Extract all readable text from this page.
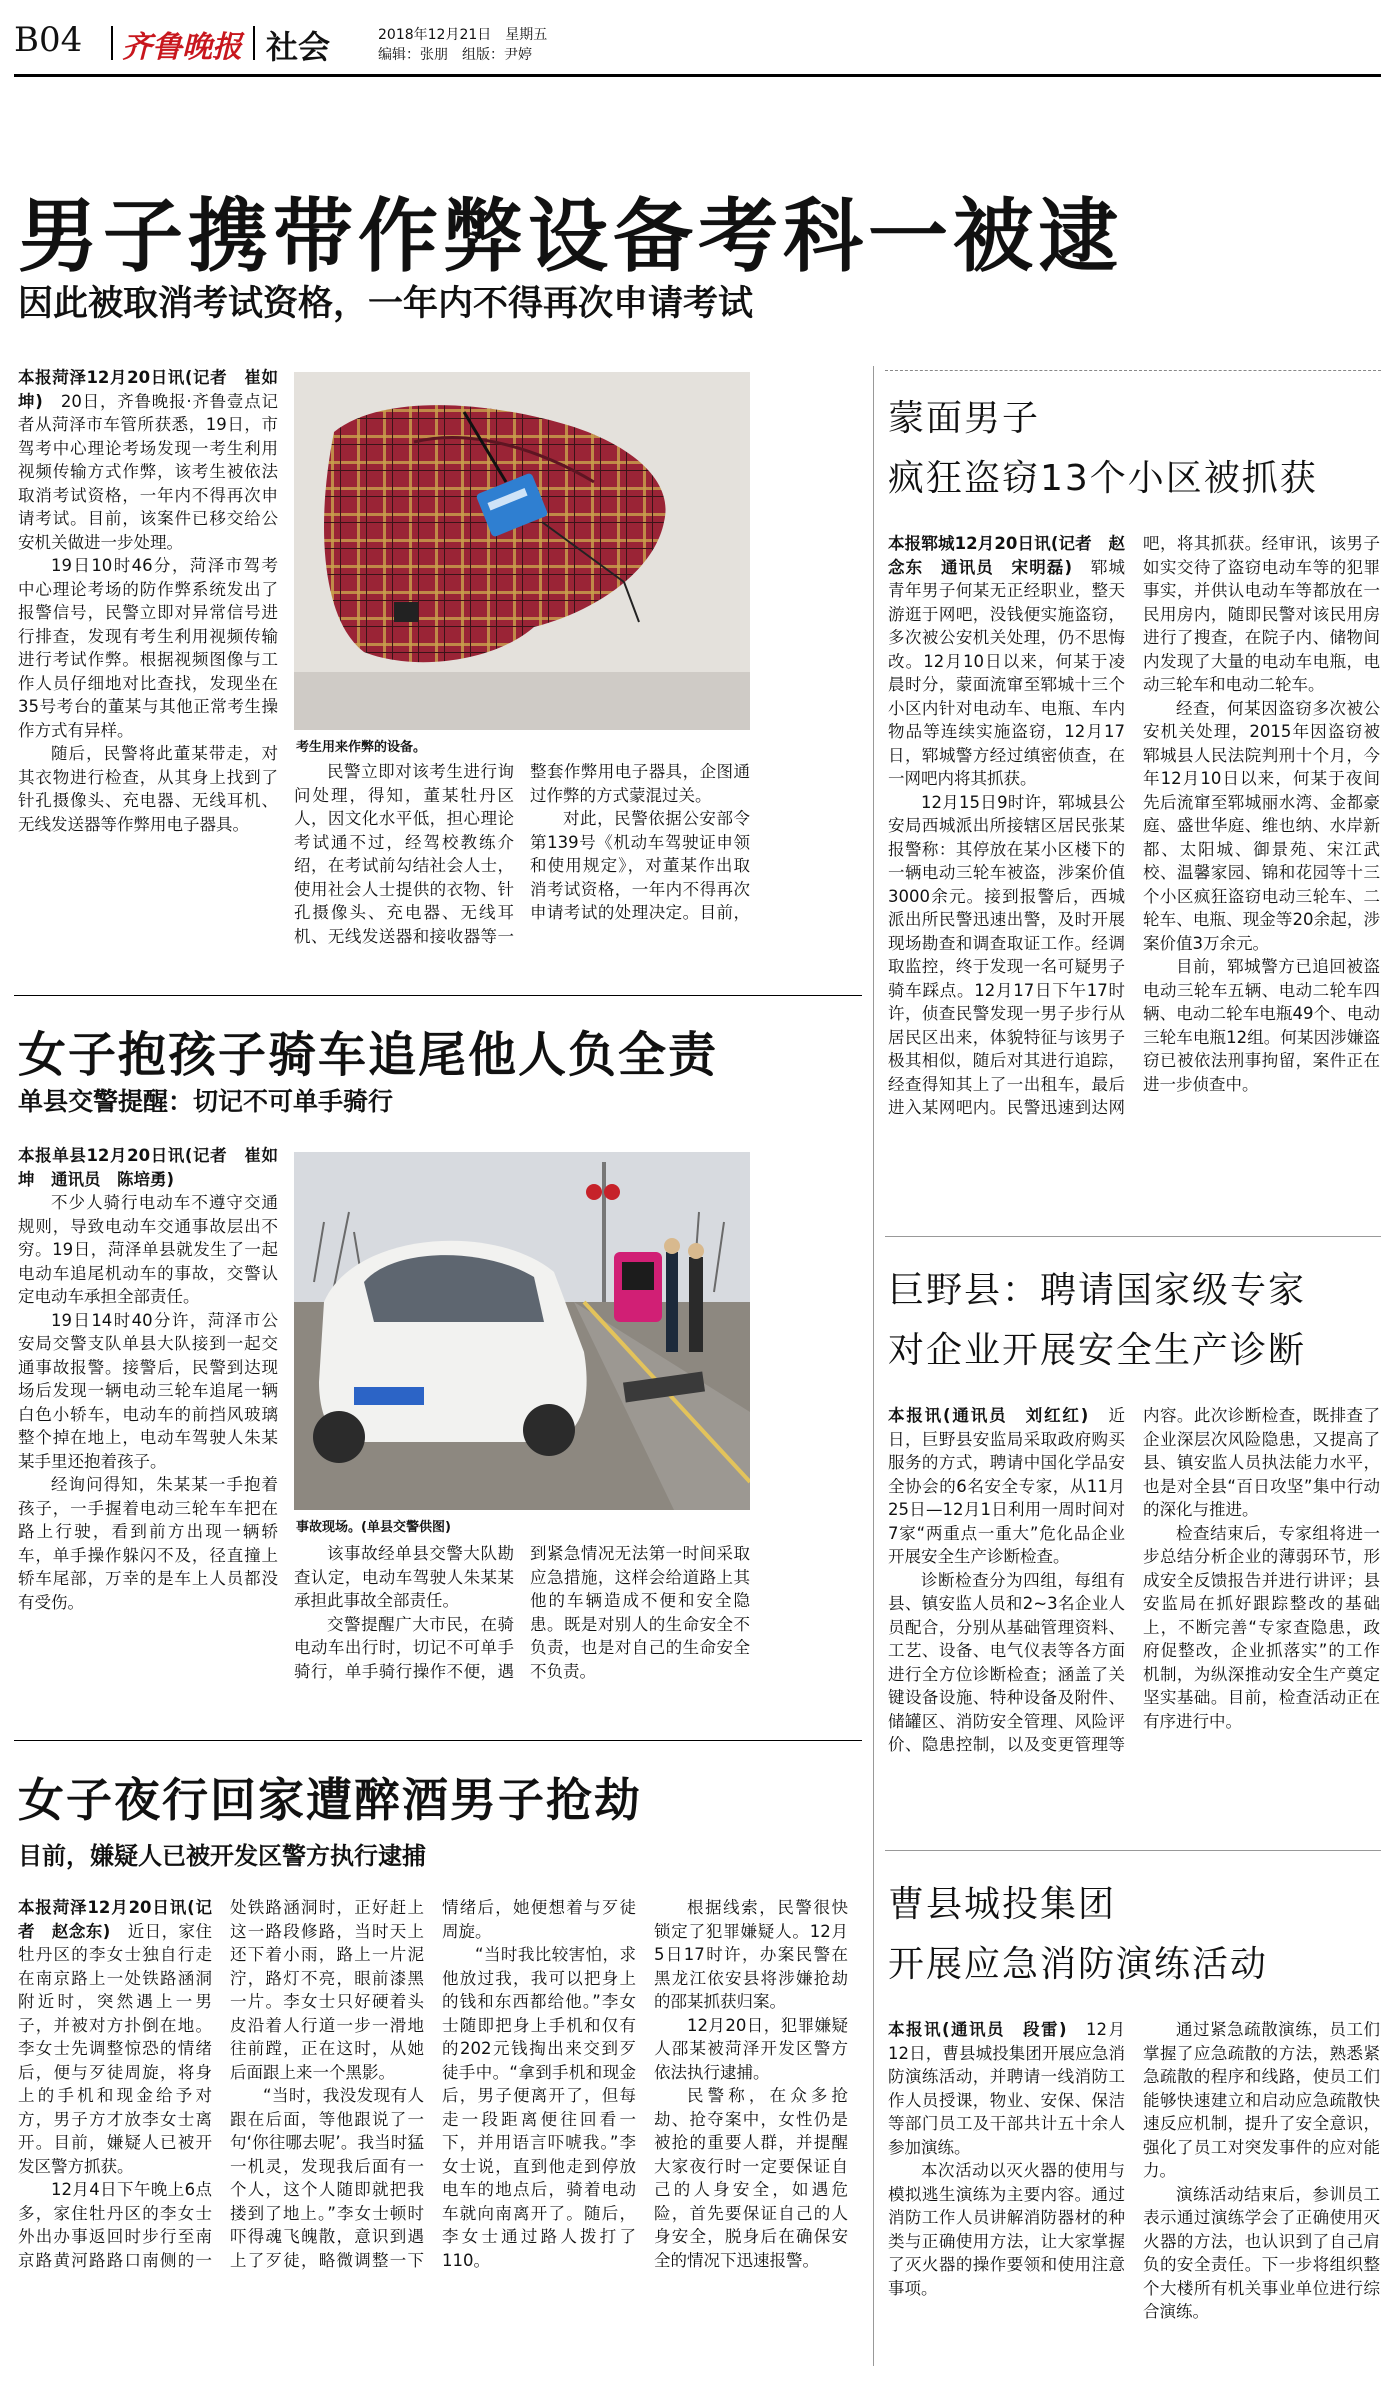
B04 齐鲁晚报 社会	2018年12月21日　星期五
编辑：张朋　组版：尹婷
男子携带作弊设备考科一被逮
因此被取消考试资格，一年内不得再次申请考试
考生用来作弊的设备。

本报菏泽12月20日讯(记者　崔如坤)　 20日，齐鲁晚报·齐鲁壹点记者从菏泽市车管所获悉，19日，市驾考中心理论考场发现一考生利用视频传输方式作弊，该考生被依法取消考试资格，一年内不得再次申请考试。目前，该案件已移交给公安机关做进一步处理。

19日10时46分，菏泽市驾考中心理论考场的防作弊系统发出了报警信号，民警立即对异常信号进行排查，发现有考生利用视频传输进行考试作弊。根据视频图像与工作人员仔细地对比查找，发现坐在35号考台的董某与其他正常考生操作方式有异样。

随后，民警将此董某带走，对其衣物进行检查，从其身上找到了针孔摄像头、充电器、无线耳机、无线发送器等作弊用电子器具。

民警立即对该考生进行询问处理，得知，董某牡丹区人，因文化水平低，担心理论考试通不过，经驾校教练介绍，在考试前勾结社会人士，使用社会人士提供的衣物、针孔摄像头、充电器、无线耳机、无线发送器和接收器等一整套作弊用电子器具，企图通过作弊的方式蒙混过关。

对此，民警依据公安部令第139号《机动车驾驶证申领和使用规定》，对董某作出取消考试资格，一年内不得再次申请考试的处理决定。目前，

女子抱孩子骑车追尾他人负全责
单县交警提醒：切记不可单手骑行
事故现场。(单县交警供图)

本报单县12月20日讯(记者　崔如坤　通讯员　陈培勇)

不少人骑行电动车不遵守交通规则，导致电动车交通事故层出不穷。19日，菏泽单县就发生了一起电动车追尾机动车的事故，交警认定电动车承担全部责任。

19日14时40分许，菏泽市公安局交警支队单县大队接到一起交通事故报警。接警后，民警到达现场后发现一辆电动三轮车追尾一辆白色小轿车，电动车的前挡风玻璃整个掉在地上，电动车驾驶人朱某某手里还抱着孩子。

经询问得知，朱某某一手抱着孩子，一手握着电动三轮车车把在路上行驶，看到前方出现一辆轿车，单手操作躲闪不及，径直撞上轿车尾部，万幸的是车上人员都没有受伤。

该事故经单县交警大队勘查认定，电动车驾驶人朱某某承担此事故全部责任。

交警提醒广大市民，在骑电动车出行时，切记不可单手骑行，单手骑行操作不便，遇到紧急情况无法第一时间采取应急措施，这样会给道路上其他的车辆造成不便和安全隐患。既是对别人的生命安全不负责，也是对自己的生命安全不负责。

女子夜行回家遭醉酒男子抢劫
目前，嫌疑人已被开发区警方执行逮捕

本报菏泽12月20日讯(记者　赵念东)　 近日，家住牡丹区的李女士独自行走在南京路上一处铁路涵洞附近时，突然遇上一男子，并被对方扑倒在地。李女士先调整惊恐的情绪后，便与歹徒周旋，将身上的手机和现金给予对方，男子方才放李女士离开。目前，嫌疑人已被开发区警方抓获。

12月4日下午晚上6点多，家住牡丹区的李女士外出办事返回时步行至南京路黄河路路口南侧的一处铁路涵洞时，正好赶上这一路段修路，当时天上还下着小雨，路上一片泥泞，路灯不亮，眼前漆黑一片。李女士只好硬着头皮沿着人行道一步一滑地往前蹚，正在这时，从她后面跟上来一个黑影。

“当时，我没发现有人跟在后面，等他跟说了一句‘你往哪去呢’。我当时猛一机灵，发现我后面有一个人，这个人随即就把我搂到了地上。”李女士顿时吓得魂飞魄散，意识到遇上了歹徒，略微调整一下情绪后，她便想着与歹徒周旋。

“当时我比较害怕，求他放过我，我可以把身上的钱和东西都给他。”李女士随即把身上手机和仅有的202元钱掏出来交到歹徒手中。“拿到手机和现金后，男子便离开了，但每走一段距离便往回看一下，并用语言吓唬我。”李女士说，直到他走到停放电车的地点后，骑着电动车就向南离开了。随后，李女士通过路人拨打了110。

根据线索，民警很快锁定了犯罪嫌疑人。12月5日17时许，办案民警在黑龙江依安县将涉嫌抢劫的邵某抓获归案。

12月20日，犯罪嫌疑人邵某被菏泽开发区警方依法执行逮捕。

民警称，在众多抢劫、抢夺案中，女性仍是被抢的重要人群，并提醒大家夜行时一定要保证自己的人身安全，如遇危险，首先要保证自己的人身安全，脱身后在确保安全的情况下迅速报警。

蒙面男子
疯狂盗窃13个小区被抓获

本报郓城12月20日讯(记者　赵念东　通讯员　宋明磊)　 郓城青年男子何某无正经职业，整天游逛于网吧，没钱便实施盗窃，多次被公安机关处理，仍不思悔改。12月10日以来，何某于凌晨时分，蒙面流窜至郓城十三个小区内针对电动车、电瓶、车内物品等连续实施盗窃，12月17日，郓城警方经过缜密侦查，在一网吧内将其抓获。

12月15日9时许，郓城县公安局西城派出所接辖区居民张某报警称：其停放在某小区楼下的一辆电动三轮车被盗，涉案价值3000余元。接到报警后，西城派出所民警迅速出警，及时开展现场勘查和调查取证工作。经调取监控，终于发现一名可疑男子骑车踩点。12月17日下午17时许，侦查民警发现一男子步行从居民区出来，体貌特征与该男子极其相似，随后对其进行追踪，经查得知其上了一出租车，最后进入某网吧内。民警迅速到达网吧，将其抓获。经审讯，该男子如实交待了盗窃电动车等的犯罪事实，并供认电动车等都放在一民用房内，随即民警对该民用房进行了搜查，在院子内、储物间内发现了大量的电动车电瓶，电动三轮车和电动二轮车。

经查，何某因盗窃多次被公安机关处理，2015年因盗窃被郓城县人民法院判刑十个月，今年12月10日以来，何某于夜间先后流窜至郓城丽水湾、金都豪庭、盛世华庭、维也纳、水岸新都、太阳城、御景苑、宋江武校、温馨家园、锦和花园等十三个小区疯狂盗窃电动三轮车、二轮车、电瓶、现金等20余起，涉案价值3万余元。

目前，郓城警方已追回被盗电动三轮车五辆、电动二轮车四辆、电动二轮车电瓶49个、电动三轮车电瓶12组。何某因涉嫌盗窃已被依法刑事拘留，案件正在进一步侦查中。

巨野县：聘请国家级专家
对企业开展安全生产诊断

本报讯(通讯员　刘红红)　 近日，巨野县安监局采取政府购买服务的方式，聘请中国化学品安全协会的6名安全专家，从11月25日—12月1日利用一周时间对7家“两重点一重大”危化品企业开展安全生产诊断检查。

诊断检查分为四组，每组有县、镇安监人员和2~3名企业人员配合，分别从基础管理资料、工艺、设备、电气仪表等各方面进行全方位诊断检查；涵盖了关键设备设施、特种设备及附件、储罐区、消防安全管理、风险评价、隐患控制，以及变更管理等内容。此次诊断检查，既排查了企业深层次风险隐患，又提高了县、镇安监人员执法能力水平，也是对全县“百日攻坚”集中行动的深化与推进。

检查结束后，专家组将进一步总结分析企业的薄弱环节，形成安全反馈报告并进行讲评；县安监局在抓好跟踪整改的基础上，不断完善“专家查隐患，政府促整改，企业抓落实”的工作机制，为纵深推动安全生产奠定坚实基础。目前，检查活动正在有序进行中。

曹县城投集团
开展应急消防演练活动

本报讯(通讯员　段雷)　 12月12日，曹县城投集团开展应急消防演练活动，并聘请一线消防工作人员授课，物业、安保、保洁等部门员工及干部共计五十余人参加演练。

本次活动以灭火器的使用与模拟逃生演练为主要内容。通过消防工作人员讲解消防器材的种类与正确使用方法，让大家掌握了灭火器的操作要领和使用注意事项。

通过紧急疏散演练，员工们掌握了应急疏散的方法，熟悉紧急疏散的程序和线路，使员工们能够快速建立和启动应急疏散快速反应机制，提升了安全意识，强化了员工对突发事件的应对能力。

演练活动结束后，参训员工表示通过演练学会了正确使用灭火器的方法，也认识到了自己肩负的安全责任。下一步将组织整个大楼所有机关事业单位进行综合演练。
